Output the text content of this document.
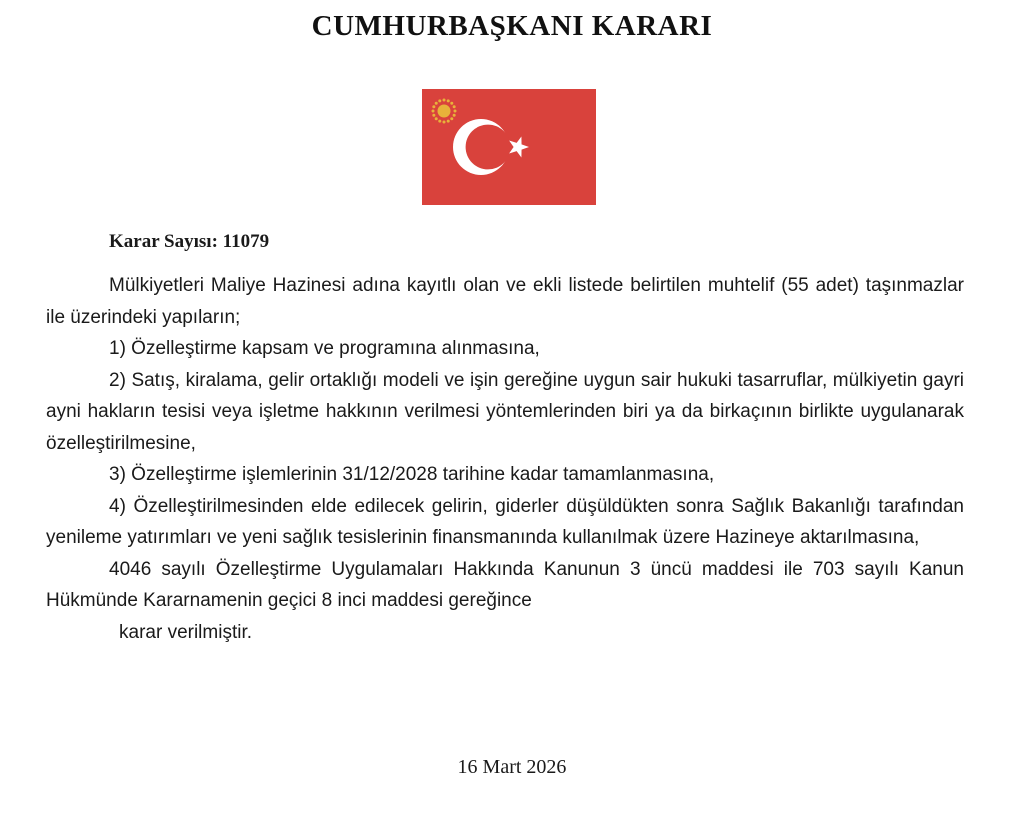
CUMHURBAŞKANI KARARI
Karar Sayısı: 11079

Mülkiyetleri Maliye Hazinesi adına kayıtlı olan ve ekli listede belirtilen muhtelif (55 adet) taşınmazlar ile üzerindeki yapıların;

1) Özelleştirme kapsam ve programına alınmasına,

2) Satış, kiralama, gelir ortaklığı modeli ve işin gereğine uygun sair hukuki tasarruflar, mülkiyetin gayri ayni hakların tesisi veya işletme hakkının verilmesi yöntemlerinden biri ya da birkaçının birlikte uygulanarak özelleştirilmesine,

3) Özelleştirme işlemlerinin 31/12/2028 tarihine kadar tamamlanmasına,

4) Özelleştirilmesinden elde edilecek gelirin, giderler düşüldükten sonra Sağlık Bakanlığı tarafından yenileme yatırımları ve yeni sağlık tesislerinin finansmanında kullanılmak üzere Hazineye aktarılmasına,

4046 sayılı Özelleştirme Uygulamaları Hakkında Kanunun 3 üncü maddesi ile 703 sayılı Kanun Hükmünde Kararnamenin geçici 8 inci maddesi gereğince

karar verilmiştir.
16 Mart 2026
